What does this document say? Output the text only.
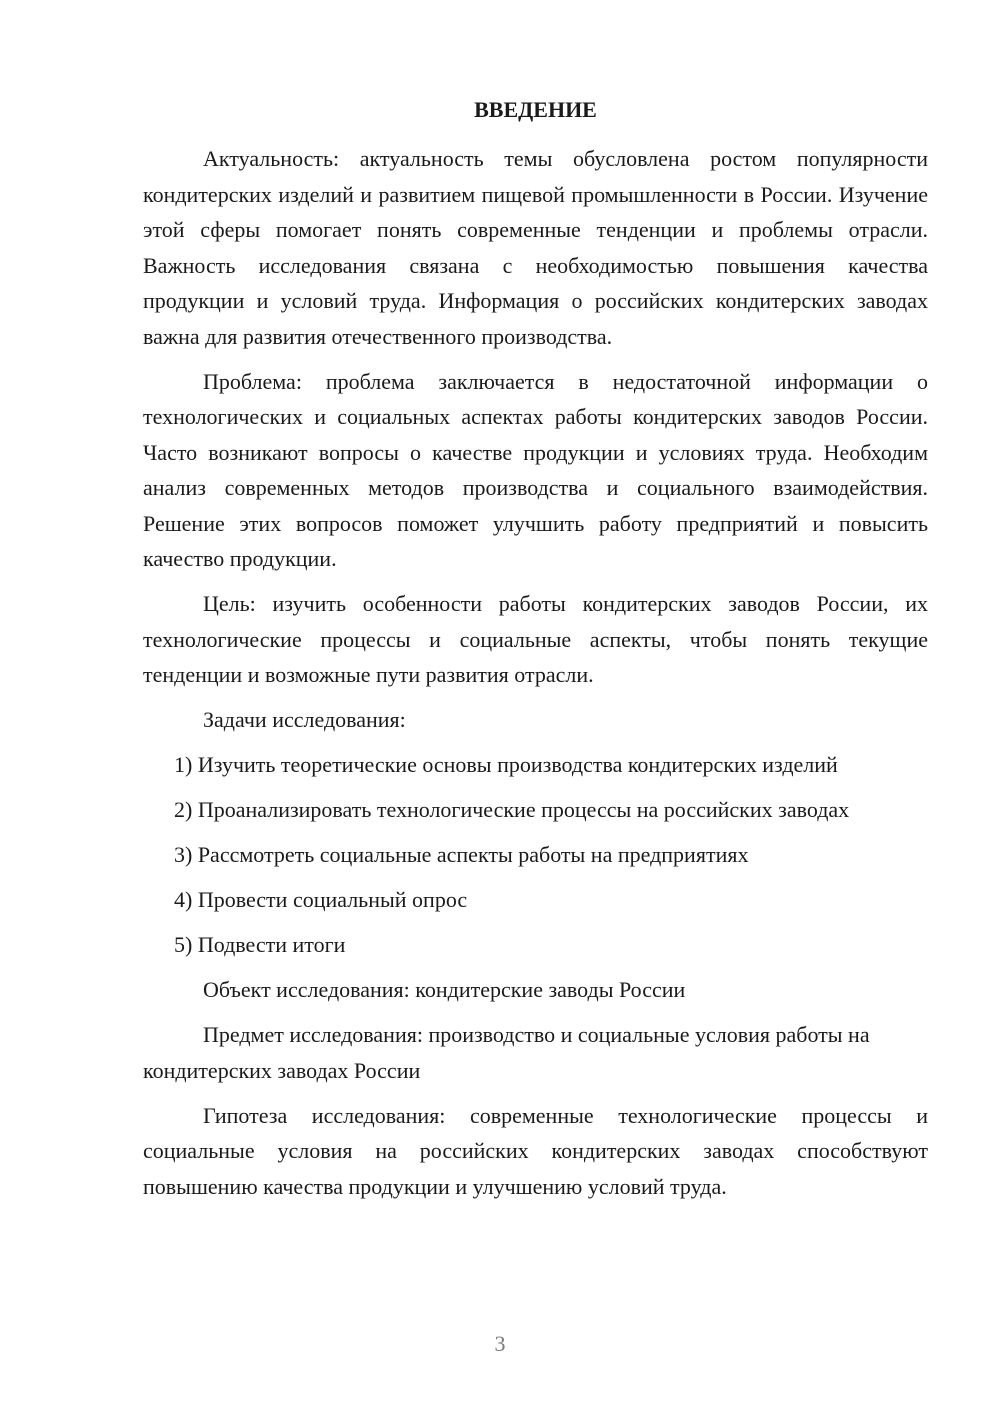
ВВЕДЕНИЕ

Актуальность: актуальность темы обусловлена ростом популярности кондитерских изделий и развитием пищевой промышленности в России. Изучение этой сферы помогает понять современные тенденции и проблемы отрасли. Важность исследования связана с необходимостью повышения качества продукции и условий труда. Информация о российских кондитерских заводах важна для развития отечественного производства.

Проблема: проблема заключается в недостаточной информации о технологических и социальных аспектах работы кондитерских заводов России. Часто возникают вопросы о качестве продукции и условиях труда. Необходим анализ современных методов производства и социального взаимодействия. Решение этих вопросов поможет улучшить работу предприятий и повысить качество продукции.

Цель: изучить особенности работы кондитерских заводов России, их технологические процессы и социальные аспекты, чтобы понять текущие тенденции и возможные пути развития отрасли.

Задачи исследования:

1) Изучить теоретические основы производства кондитерских изделий

2) Проанализировать технологические процессы на российских заводах

3) Рассмотреть социальные аспекты работы на предприятиях

4) Провести социальный опрос

5) Подвести итоги

Объект исследования: кондитерские заводы России

Предмет исследования: производство и социальные условия работы на кондитерских заводах России

Гипотеза исследования: современные технологические процессы и социальные условия на российских кондитерских заводах способствуют повышению качества продукции и улучшению условий труда.

3
